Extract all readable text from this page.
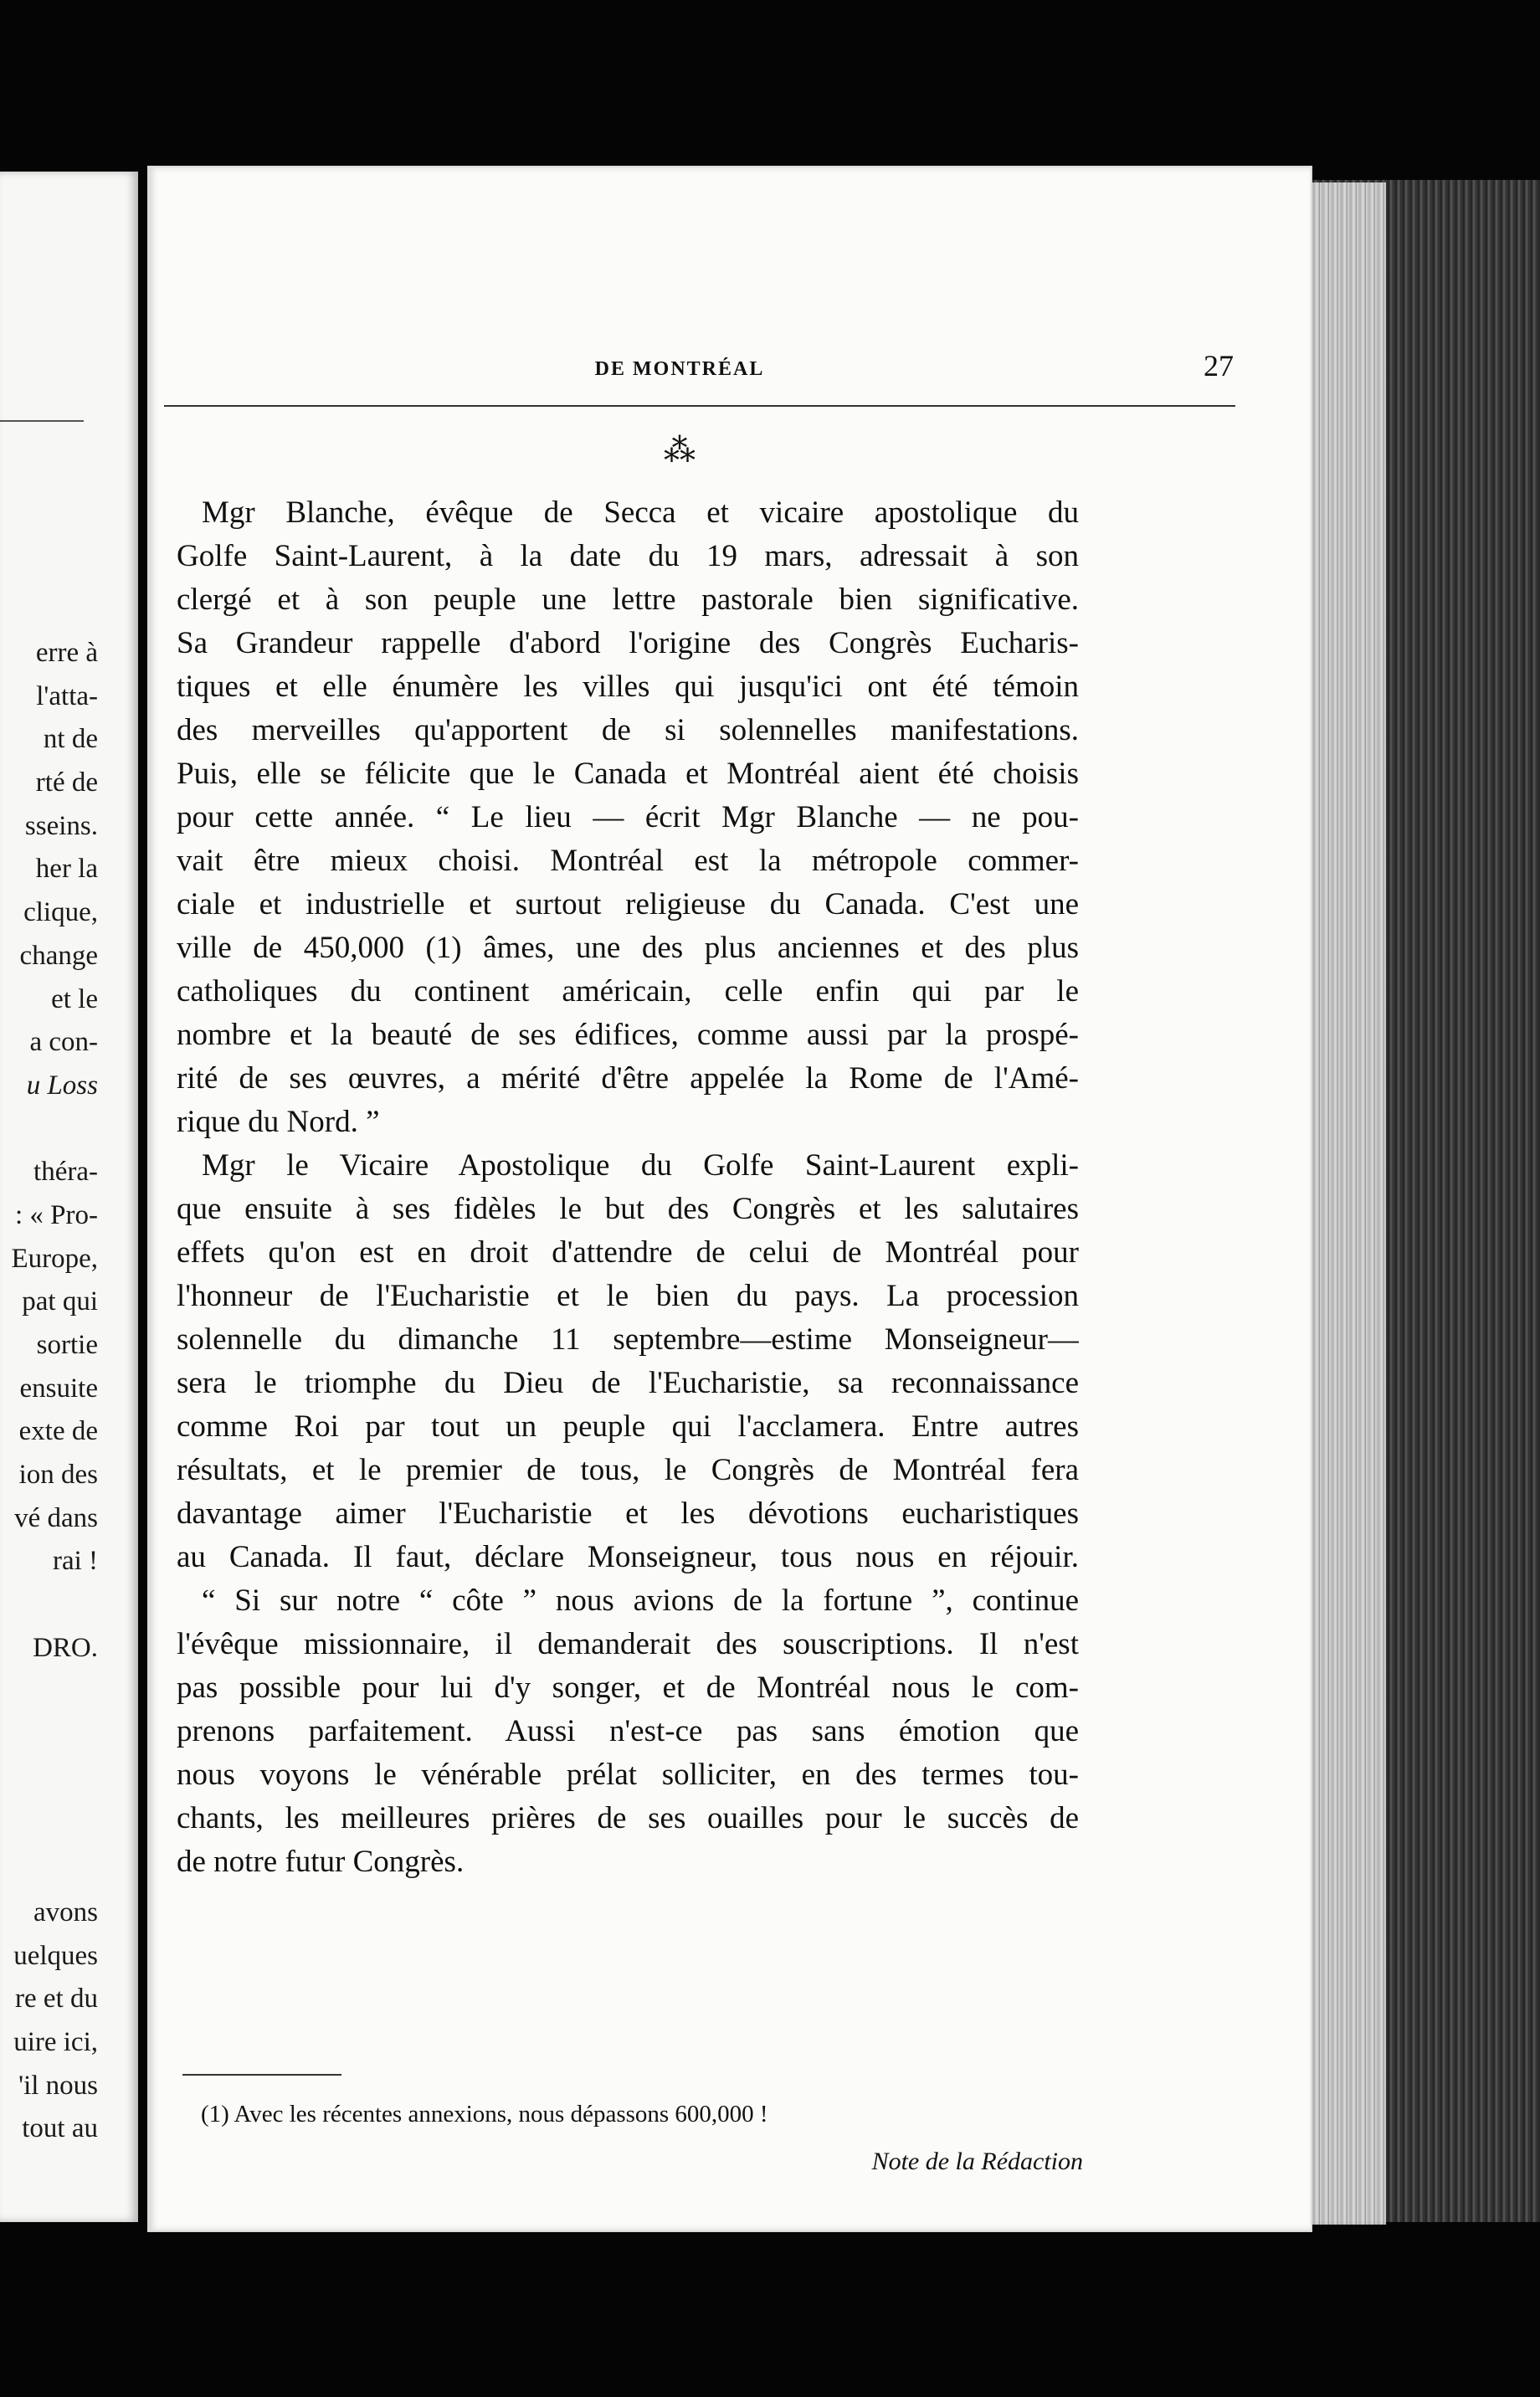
erre à
l'atta-
nt de
rté de
sseins.
her la
clique,
change
et le
a con-
u Loss
théra-
: « Pro-
Europe,
pat qui
sortie
ensuite
exte de
ion des
vé dans
rai !
DRO.
avons
uelques
re et du
uire ici,
'il nous
tout au
DE MONTRÉAL	27
⁂
Mgr Blanche, évêque de Secca et vicaire apostolique du
Golfe Saint-Laurent, à la date du 19 mars, adressait à son
clergé et à son peuple une lettre pastorale bien significative.
Sa Grandeur rappelle d'abord l'origine des Congrès Eucharis-
tiques et elle énumère les villes qui jusqu'ici ont été témoin
des merveilles qu'apportent de si solennelles manifestations.
Puis, elle se félicite que le Canada et Montréal aient été choisis
pour cette année. “ Le lieu — écrit Mgr Blanche — ne pou-
vait être mieux choisi. Montréal est la métropole commer-
ciale et industrielle et surtout religieuse du Canada. C'est une
ville de 450,000 (1) âmes, une des plus anciennes et des plus
catholiques du continent américain, celle enfin qui par le
nombre et la beauté de ses édifices, comme aussi par la prospé-
rité de ses œuvres, a mérité d'être appelée la Rome de l'Amé-
rique du Nord. ”
Mgr le Vicaire Apostolique du Golfe Saint-Laurent expli-
que ensuite à ses fidèles le but des Congrès et les salutaires
effets qu'on est en droit d'attendre de celui de Montréal pour
l'honneur de l'Eucharistie et le bien du pays. La procession
solennelle du dimanche 11 septembre—estime Monseigneur—
sera le triomphe du Dieu de l'Eucharistie, sa reconnaissance
comme Roi par tout un peuple qui l'acclamera. Entre autres
résultats, et le premier de tous, le Congrès de Montréal fera
davantage aimer l'Eucharistie et les dévotions eucharistiques
au Canada. Il faut, déclare Monseigneur, tous nous en réjouir.
“ Si sur notre “ côte ” nous avions de la fortune ”, continue
l'évêque missionnaire, il demanderait des souscriptions. Il n'est
pas possible pour lui d'y songer, et de Montréal nous le com-
prenons parfaitement. Aussi n'est-ce pas sans émotion que
nous voyons le vénérable prélat solliciter, en des termes tou-
chants, les meilleures prières de ses ouailles pour le succès de
de notre futur Congrès.
(1) Avec les récentes annexions, nous dépassons 600,000 !
Note de la Rédaction
